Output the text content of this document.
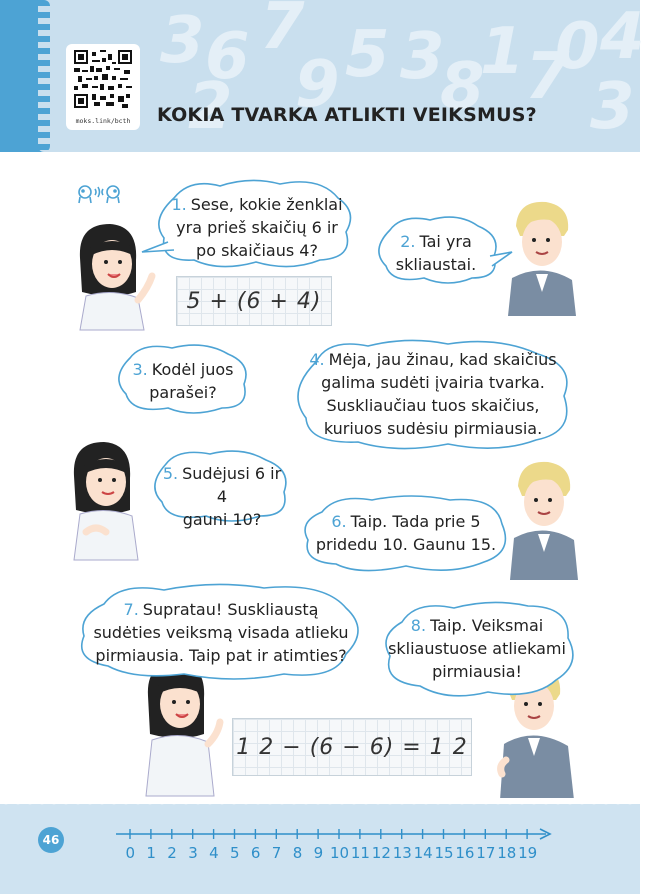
3 6 7
9 5 3
8
1 7
0
3
4
2
moks.link/bcth	KOKIA TVARKA ATLIKTI VEIKSMUS?
1. Sese, kokie ženklai
yra prieš skaičių 6 ir
po skaičiaus 4?	2. Tai yra
skliaustai.
3. Kodėl juos
parašei?
4. Mėja, jau žinau, kad skaičius
galima sudėti įvairia tvarka.
Suskliaučiau tuos skaičius,
kuriuos sudėsiu pirmiausia.
5. Sudėjusi 6 ir 4
gauni 10?	6. Taip. Tada prie 5
pridedu 10. Gaunu 15.
7. Supratau! Suskliaustą
sudėties veiksmą visada atlieku
pirmiausia. Taip pat ir atimties?
8. Taip. Veiksmai
skliaustuose atliekami
pirmiausia!
5 + (6 + 4)
1 2 − (6 − 6) = 1 2
46
0 1 2 3 4 5 6 7 8 9 10 11 12 13 14 15 16 17 18 19
